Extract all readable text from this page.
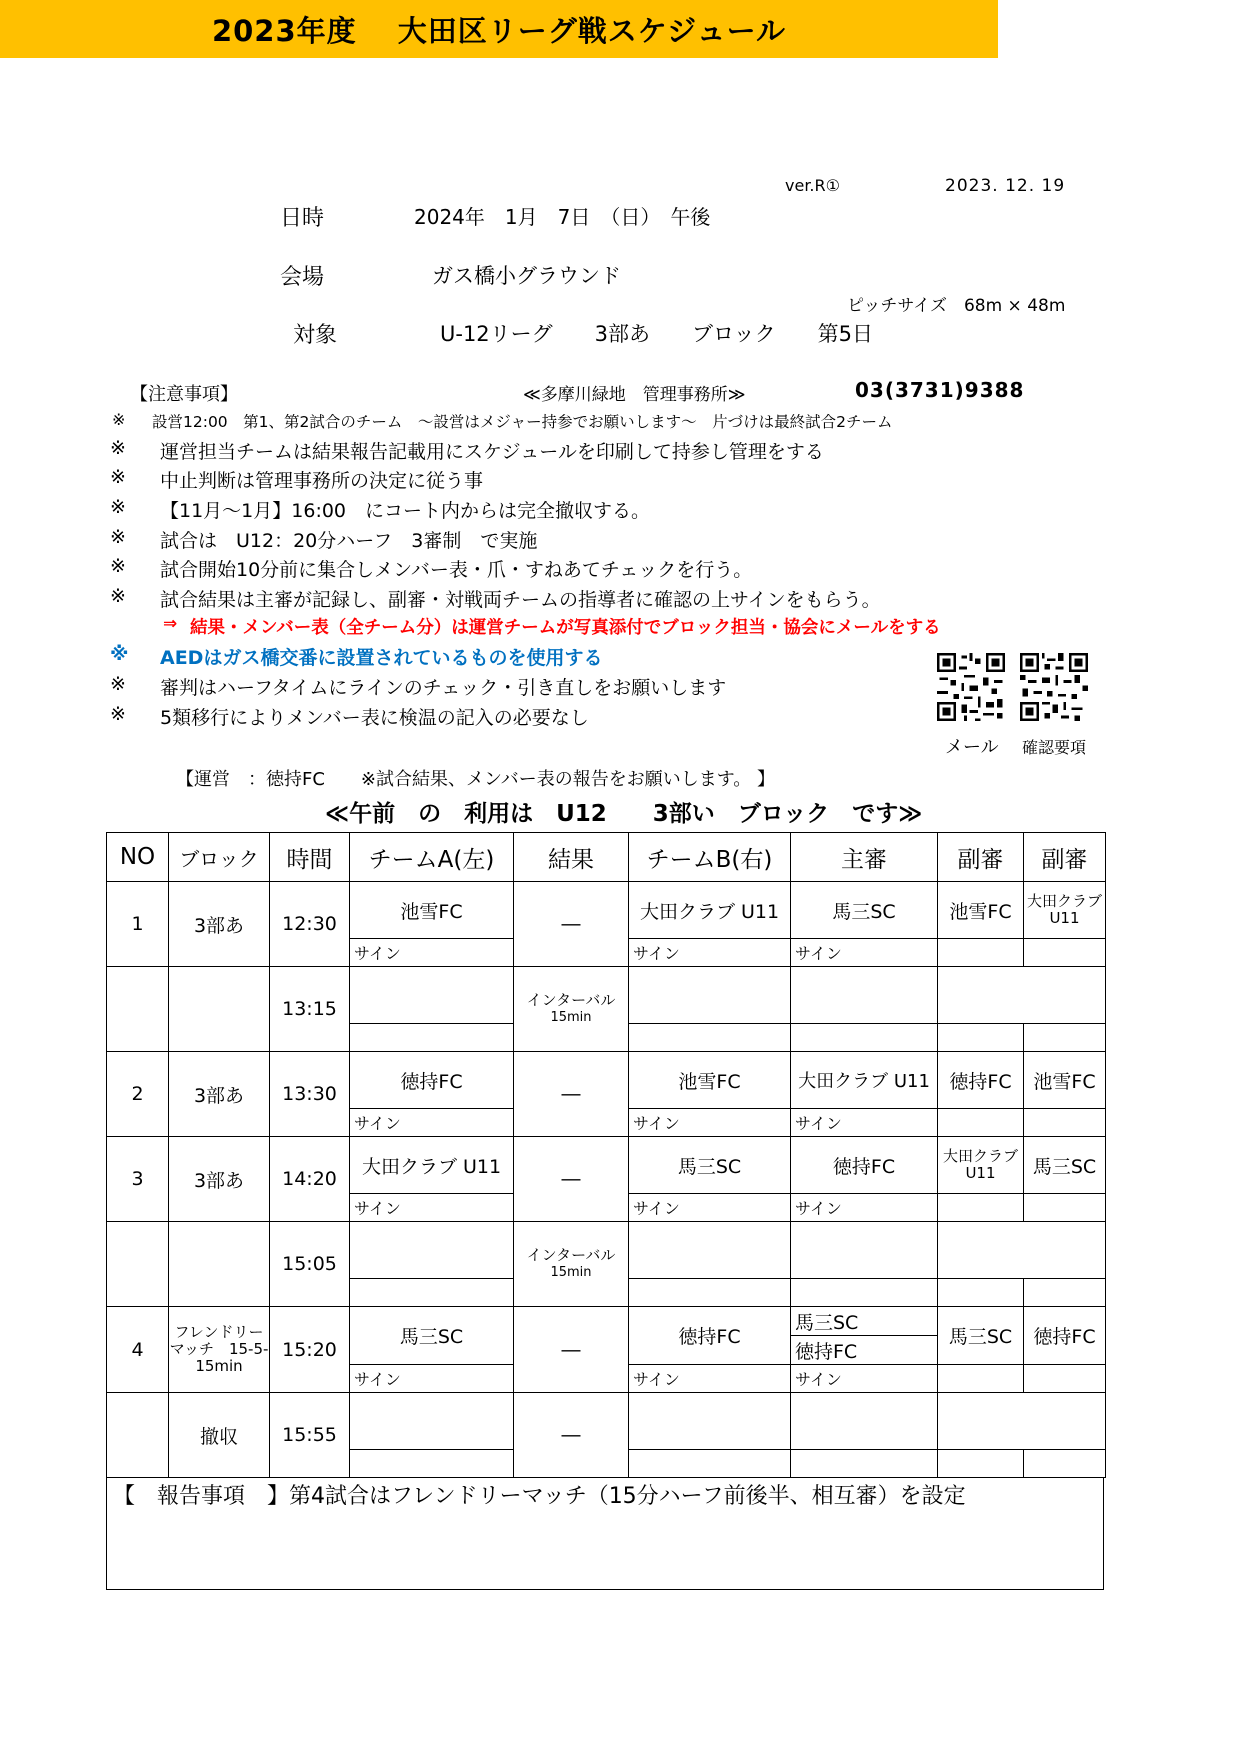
2023年度　 大田区リーグ戦スケジュール
ver.R①	2023. 12. 19
日時	2024年　1月　7日　（日）　午後
会場	ガス橋小グラウンド
ピッチサイズ　68m × 48m
対象	U-12リーグ　　3部あ　　ブロック　　第5日
【注意事項】	≪多摩川緑地　管理事務所≫	03(3731)9388
※ 設営12:00　第1、第2試合のチーム　～設営はメジャー持参でお願いします～　片づけは最終試合2チーム
※ 運営担当チームは結果報告記載用にスケジュールを印刷して持参し管理をする
※ 中止判断は管理事務所の決定に従う事
※ 【11月～1月】16:00　にコート内からは完全撤収する。
※ 試合は　U12：20分ハーフ　3審制　で実施
※ 試合開始10分前に集合しメンバー表・爪・すねあてチェックを行う。
※ 試合結果は主審が記録し、副審・対戦両チームの指導者に確認の上サインをもらう。
⇒ 結果・メンバー表（全チーム分）は運営チームが写真添付でブロック担当・協会にメールをする
※ AEDはガス橋交番に設置されているものを使用する
※ 審判はハーフタイムにラインのチェック・引き直しをお願いします
※ 5類移行によりメンバー表に検温の記入の必要なし
メール 確認要項
【運営　：徳持FC　　※試合結果、メンバー表の報告をお願いします。 】
≪午前　の　利用は　U12　　3部い　ブロック　です≫
NO	ブロック	時間	チームA(左)	結果	チームB(右)	主審	副審	副審
1	3部あ	12:30	池雪FC	―	大田クラブ U11	馬三SC	池雪FC	大田クラブ U11
			サイン		サイン	サイン		
		13:15		インターバル
15min				

2	3部あ	13:30	徳持FC	―	池雪FC	大田クラブ U11	徳持FC	池雪FC
			サイン		サイン	サイン		
3	3部あ	14:20	大田クラブ U11	―	馬三SC	徳持FC	大田クラブ U11	馬三SC
			サイン		サイン	サイン		
		15:05		インターバル
15min				

4	フレンドリーマッチ　15-5-15min	15:20	馬三SC	―	徳持FC	馬三SC	馬三SC	徳持FC
						徳持FC		
			サイン		サイン	サイン		
	撤収	15:55		―				

【　報告事項　】第4試合はフレンドリーマッチ（15分ハーフ前後半、相互審）を設定
